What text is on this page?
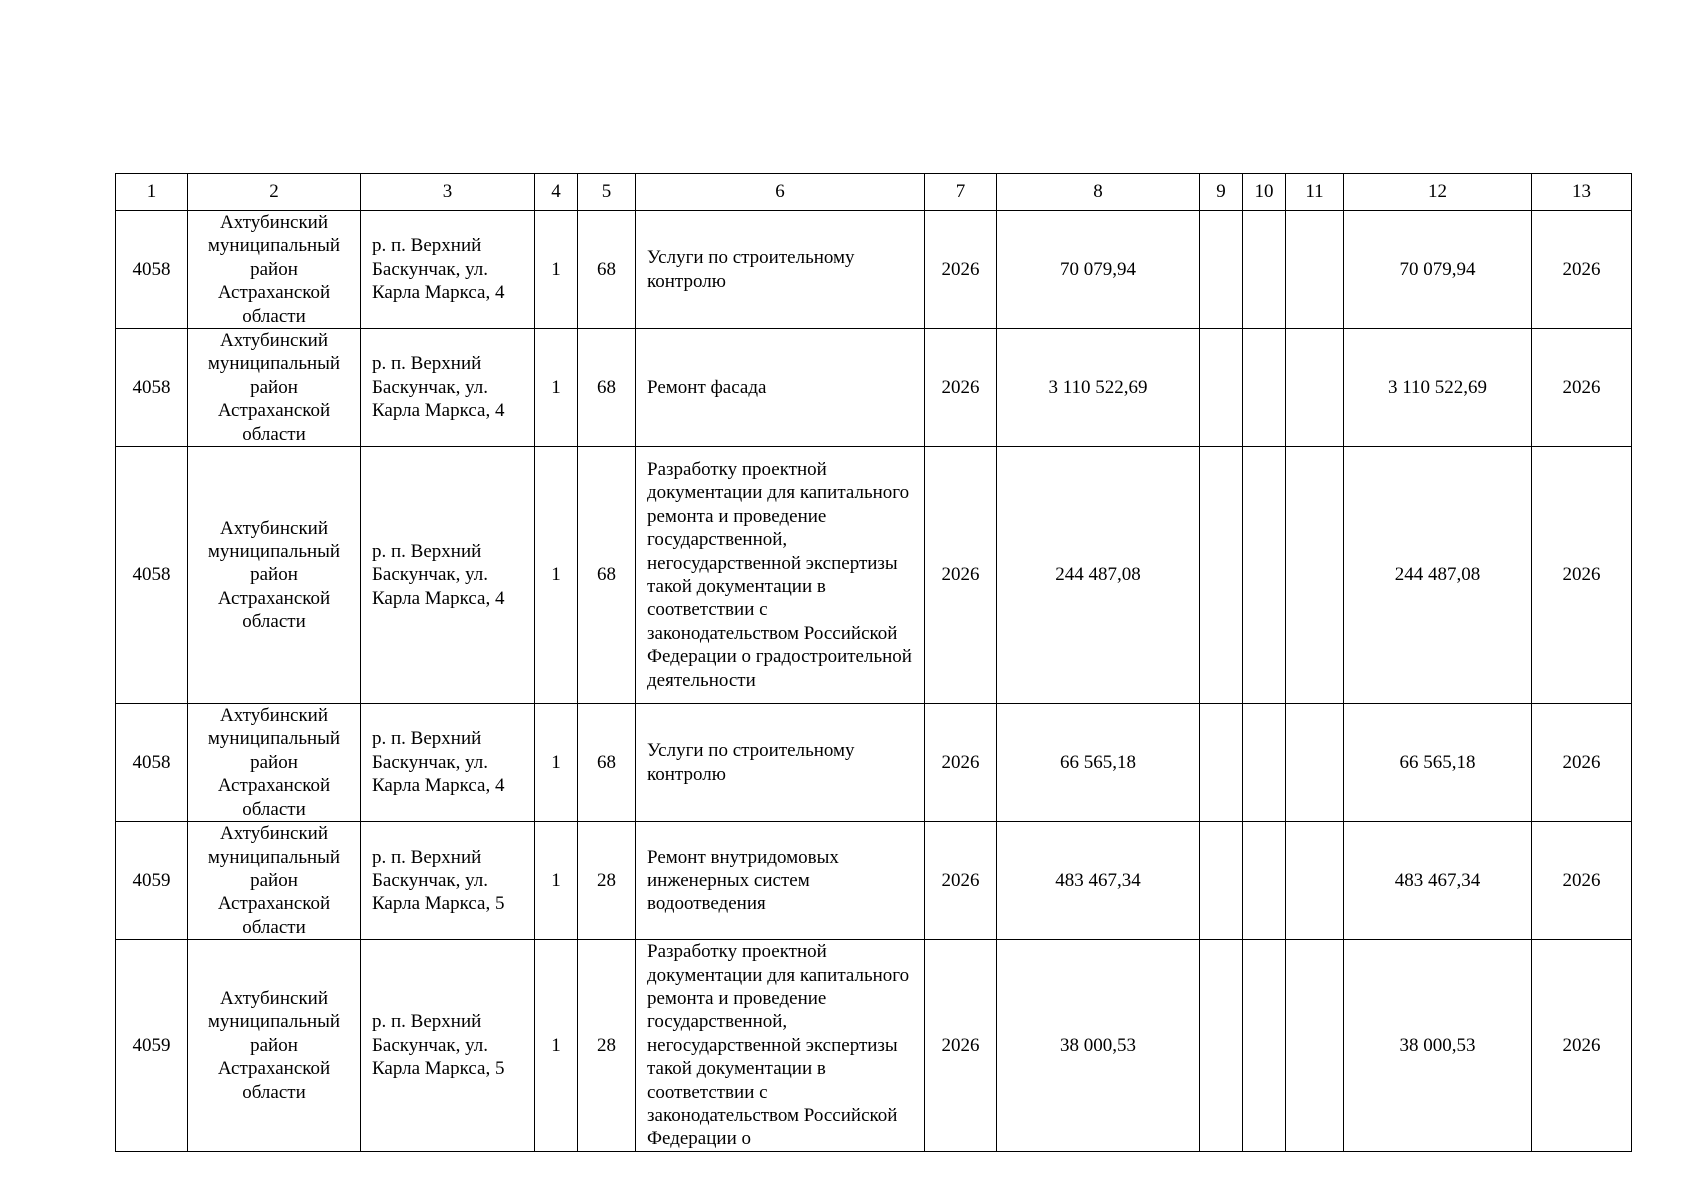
1	2	3	4	5	6	7	8	9	10	11	12	13
4058	Ахтубинский муниципальный район Астраханской области	р. п. Верхний Баскунчак, ул. Карла Маркса, 4	1	68	Услуги по строительному контролю	2026	70 079,94				70 079,94	2026
4058	Ахтубинский муниципальный район Астраханской области	р. п. Верхний Баскунчак, ул. Карла Маркса, 4	1	68	Ремонт фасада	2026	3 110 522,69				3 110 522,69	2026
4058	Ахтубинский муниципальный район Астраханской области	р. п. Верхний Баскунчак, ул. Карла Маркса, 4	1	68	Разработку проектной документации для капитального ремонта и проведение государственной, негосударственной экспертизы такой документации в соответствии с законодательством Российской Федерации о градостроительной деятельности	2026	244 487,08				244 487,08	2026
4058	Ахтубинский муниципальный район Астраханской области	р. п. Верхний Баскунчак, ул. Карла Маркса, 4	1	68	Услуги по строительному контролю	2026	66 565,18				66 565,18	2026
4059	Ахтубинский муниципальный район Астраханской области	р. п. Верхний Баскунчак, ул. Карла Маркса, 5	1	28	Ремонт внутридомовых инженерных систем водоотведения	2026	483 467,34				483 467,34	2026
4059	Ахтубинский муниципальный район Астраханской области	р. п. Верхний Баскунчак, ул. Карла Маркса, 5	1	28	Разработку проектной документации для капитального ремонта и проведение государственной, негосударственной экспертизы такой документации в соответствии с законодательством Российской Федерации о	2026	38 000,53				38 000,53	2026
